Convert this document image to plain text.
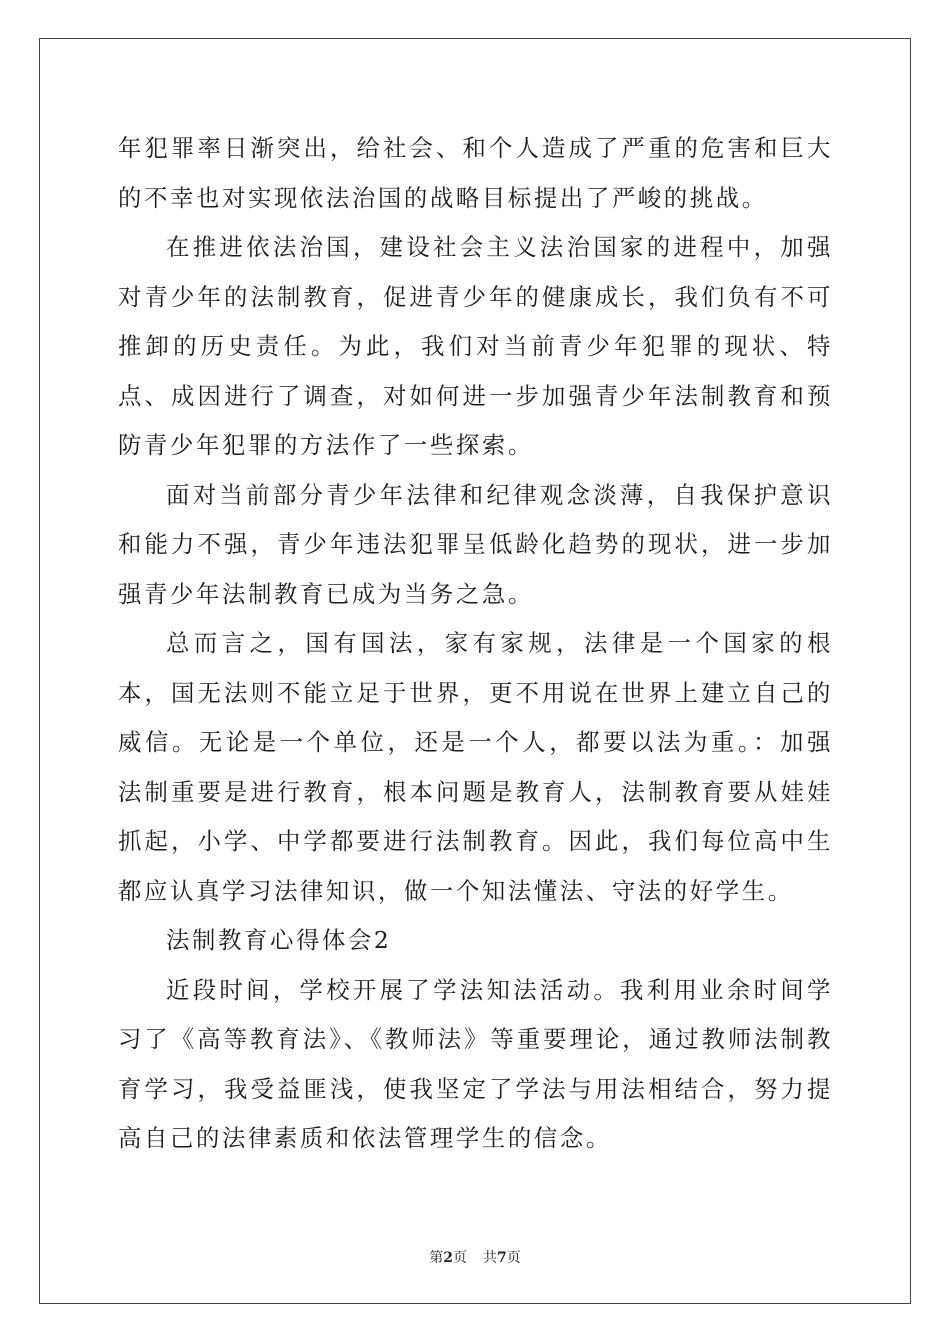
年犯罪率日渐突出，给社会、和个人造成了严重的危害和巨大的不幸也对实现依法治国的战略目标提出了严峻的挑战。

在推进依法治国，建设社会主义法治国家的进程中，加强对青少年的法制教育，促进青少年的健康成长，我们负有不可推卸的历史责任。为此，我们对当前青少年犯罪的现状、特点、成因进行了调查，对如何进一步加强青少年法制教育和预防青少年犯罪的方法作了一些探索。

面对当前部分青少年法律和纪律观念淡薄，自我保护意识和能力不强，青少年违法犯罪呈低龄化趋势的现状，进一步加强青少年法制教育已成为当务之急。

总而言之，国有国法，家有家规，法律是一个国家的根本，国无法则不能立足于世界，更不用说在世界上建立自己的威信。无论是一个单位，还是一个人，都要以法为重。：加强法制重要是进行教育，根本问题是教育人，法制教育要从娃娃抓起，小学、中学都要进行法制教育。因此，我们每位高中生都应认真学习法律知识，做一个知法懂法、守法的好学生。

法制教育心得体会2

近段时间，学校开展了学法知法活动。我利用业余时间学习了《高等教育法》、《教师法》等重要理论，通过教师法制教育学习，我受益匪浅，使我坚定了学法与用法相结合，努力提高自己的法律素质和依法管理学生的信念。

第2页 共7页
